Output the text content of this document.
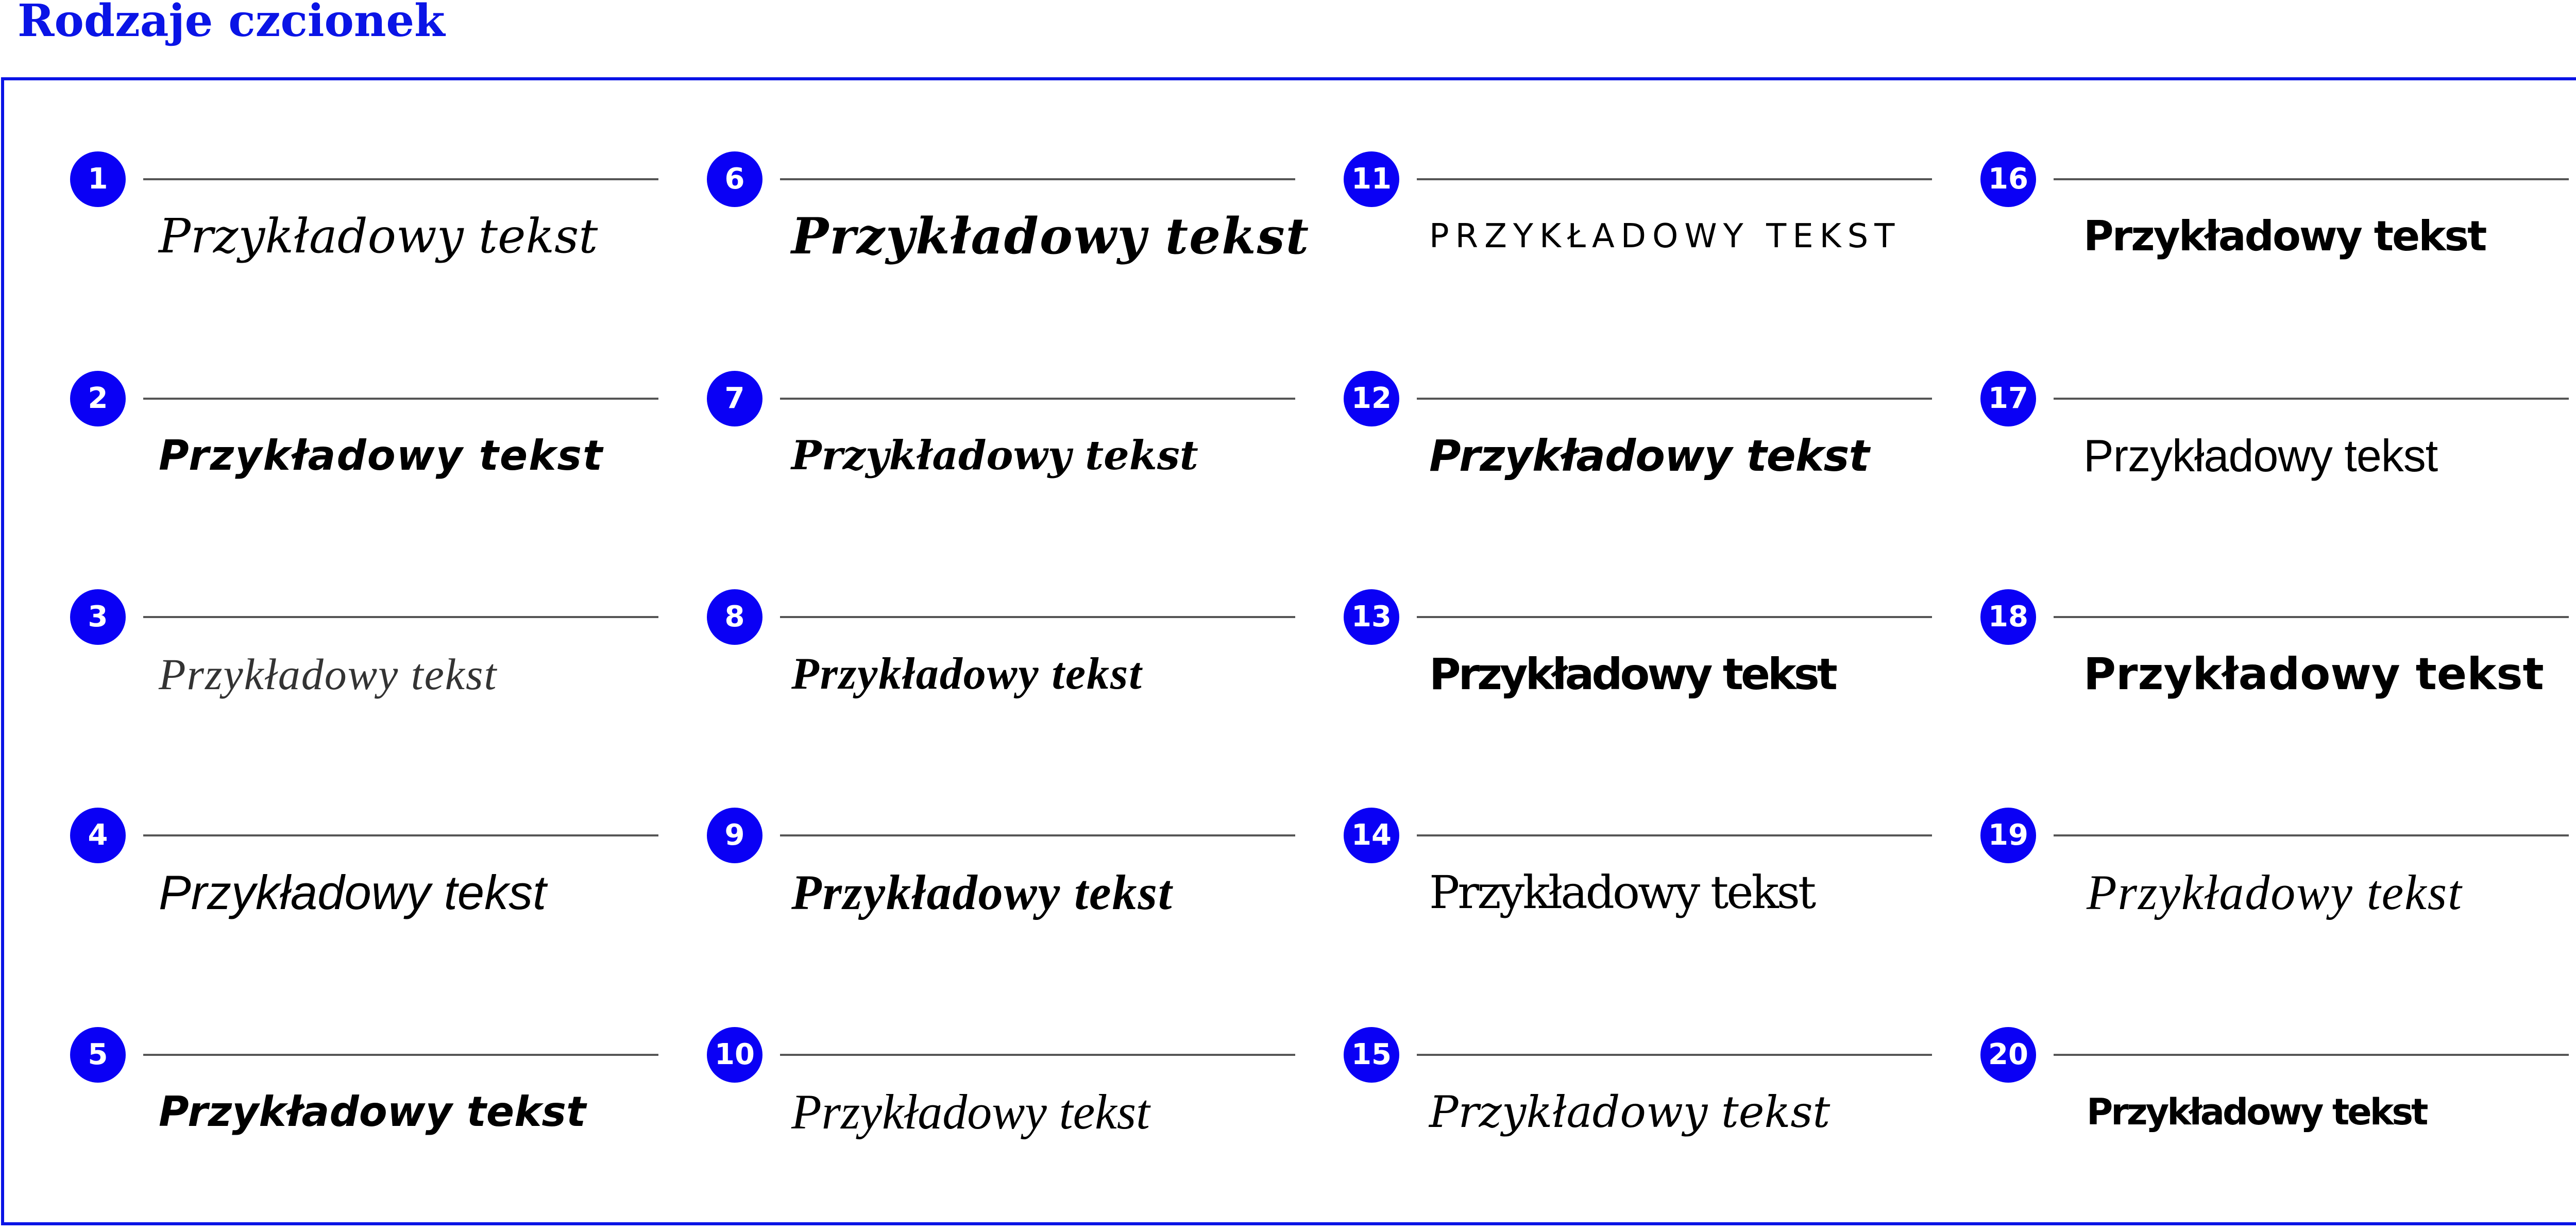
Rodzaje czcionek
1
Przykładowy tekst
2
Przykładowy tekst
3
Przykładowy tekst
4
Przykładowy tekst
5
Przykładowy tekst
6
Przykładowy tekst
7
Przykładowy tekst
8
Przykładowy tekst
9
Przykładowy tekst
10
Przykładowy tekst
11
PRZYKŁADOWY TEKST
12
Przykładowy tekst
13
Przykładowy tekst
14
Przykładowy tekst
15
Przykładowy tekst
16
Przykładowy tekst
17
Przykładowy tekst
18
Przykładowy tekst
19
Przykładowy tekst
20
Przykładowy tekst
